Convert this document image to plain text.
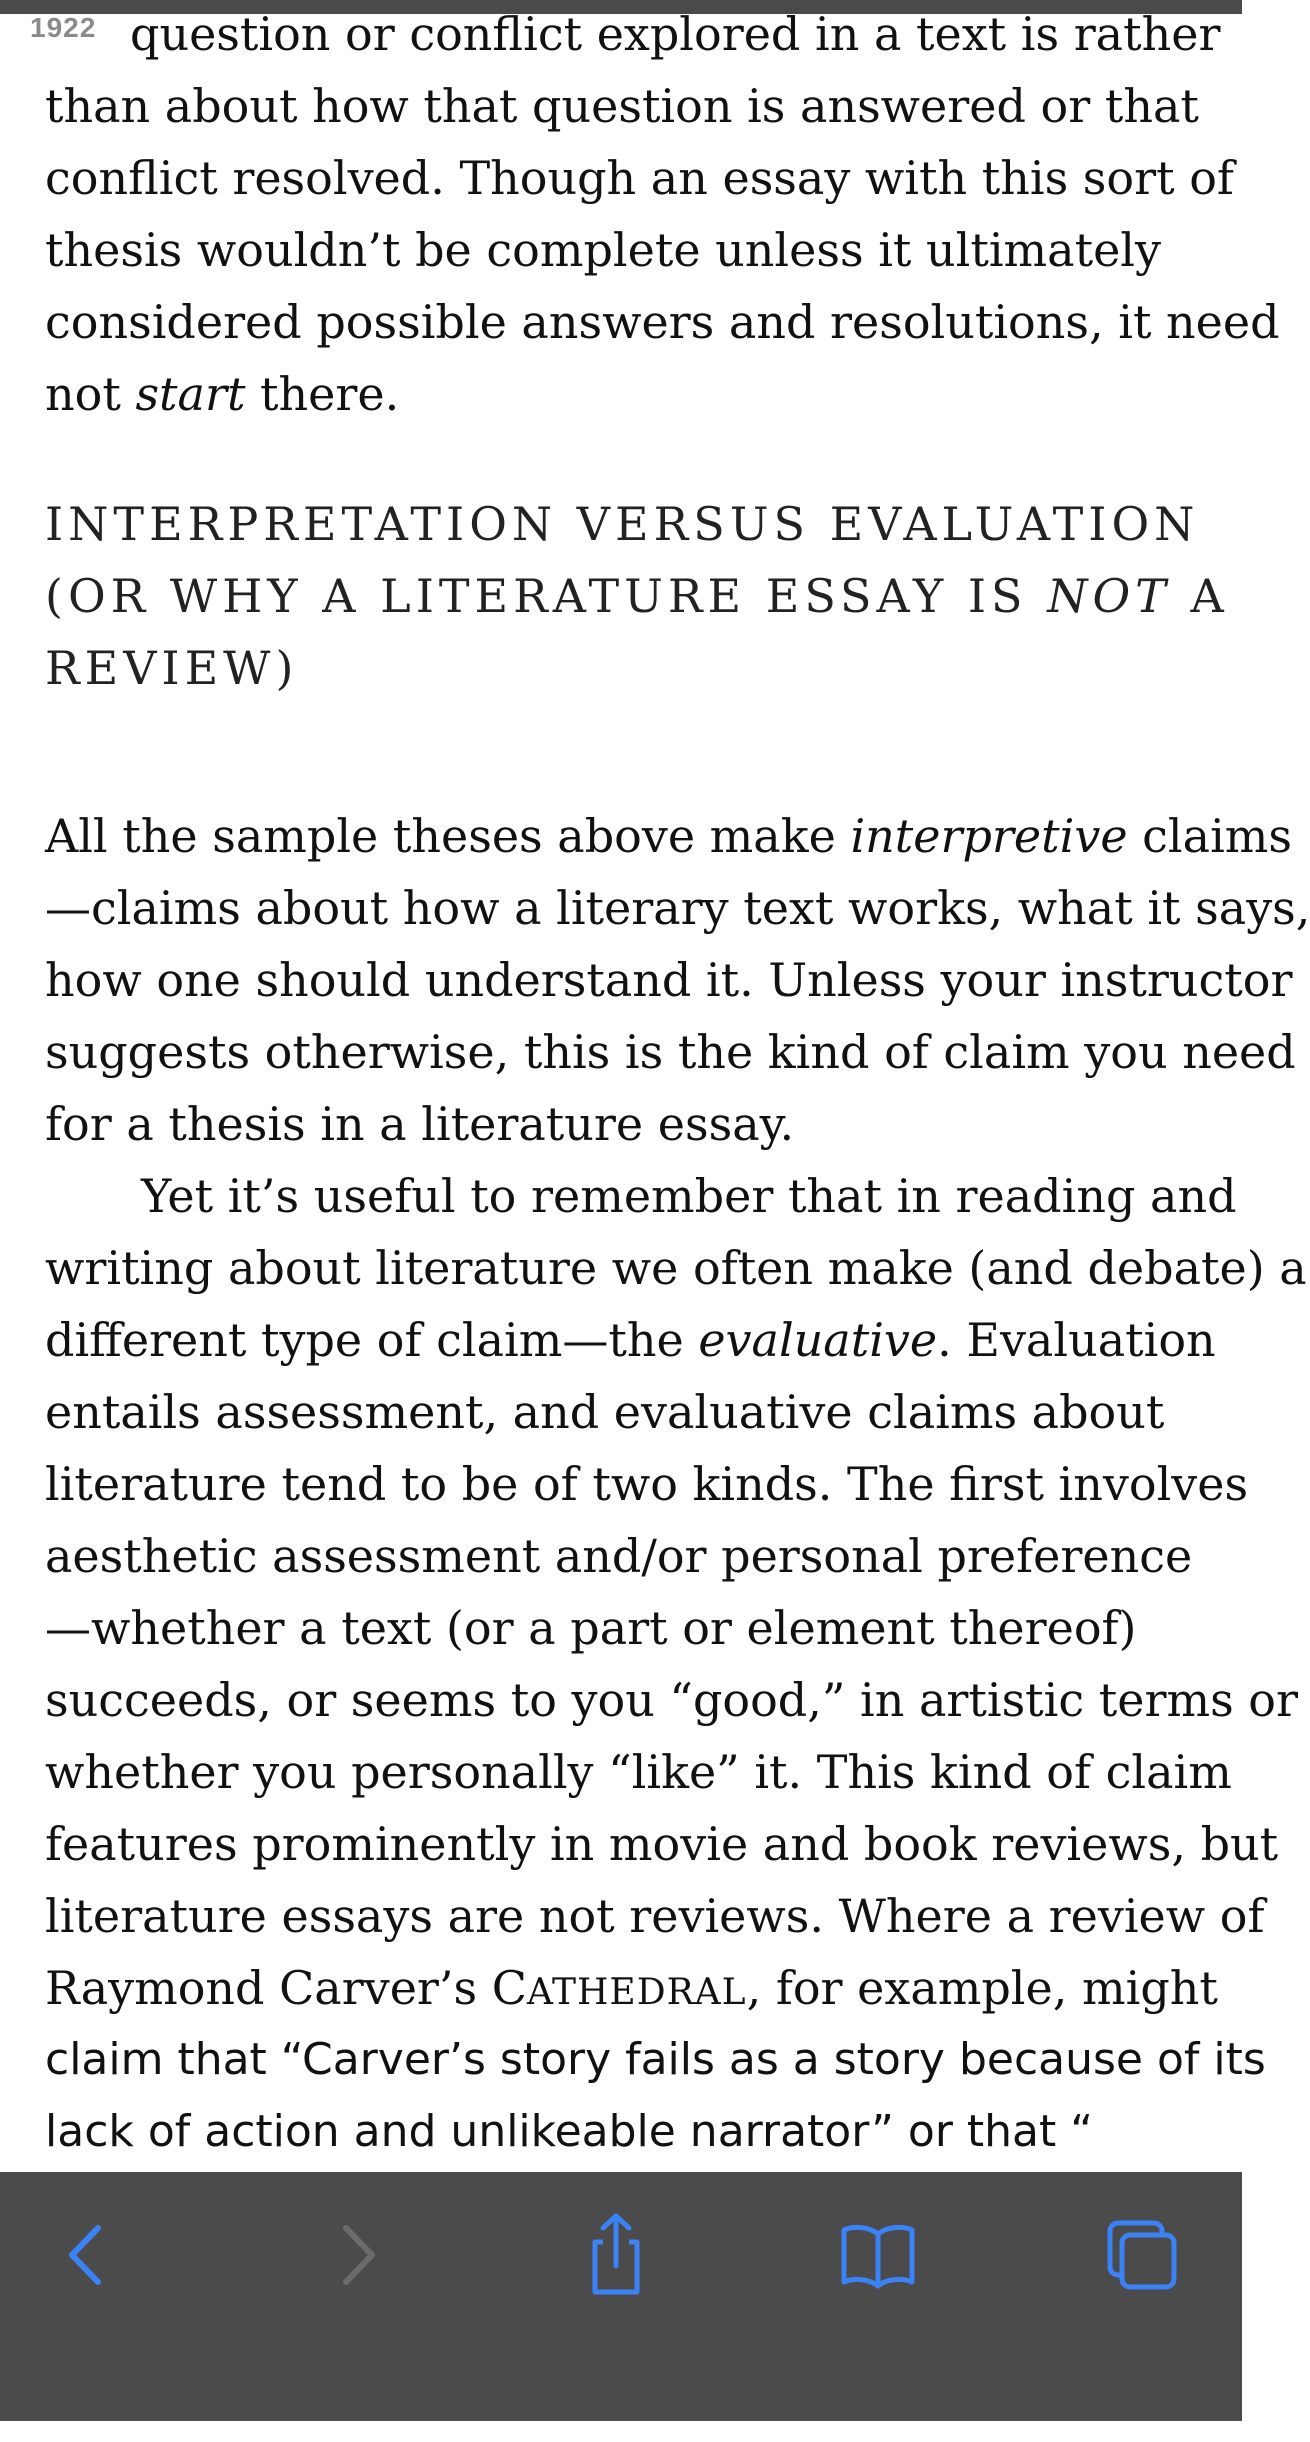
1922 question or conflict explored in a text is rather
than about how that question is answered or that
conflict resolved. Though an essay with this sort of
thesis wouldn’t be complete unless it ultimately
considered possible answers and resolutions, it need
not start there.
INTERPRETATION VERSUS EVALUATION
(OR WHY A LITERATURE ESSAY IS NOT A
REVIEW)
All the sample theses above make interpretive claims
—claims about how a literary text works, what it says,
how one should understand it. Unless your instructor
suggests otherwise, this is the kind of claim you need
for a thesis in a literature essay.
Yet it’s useful to remember that in reading and
writing about literature we often make (and debate) a
different type of claim—the evaluative. Evaluation
entails assessment, and evaluative claims about
literature tend to be of two kinds. The first involves
aesthetic assessment and/or personal preference
—whether a text (or a part or element thereof)
succeeds, or seems to you “good,” in artistic terms or
whether you personally “like” it. This kind of claim
features prominently in movie and book reviews, but
literature essays are not reviews. Where a review of
Raymond Carver’s CATHEDRAL, for example, might
claim that “Carver’s story fails as a story because of its
lack of action and unlikeable narrator” or that “
